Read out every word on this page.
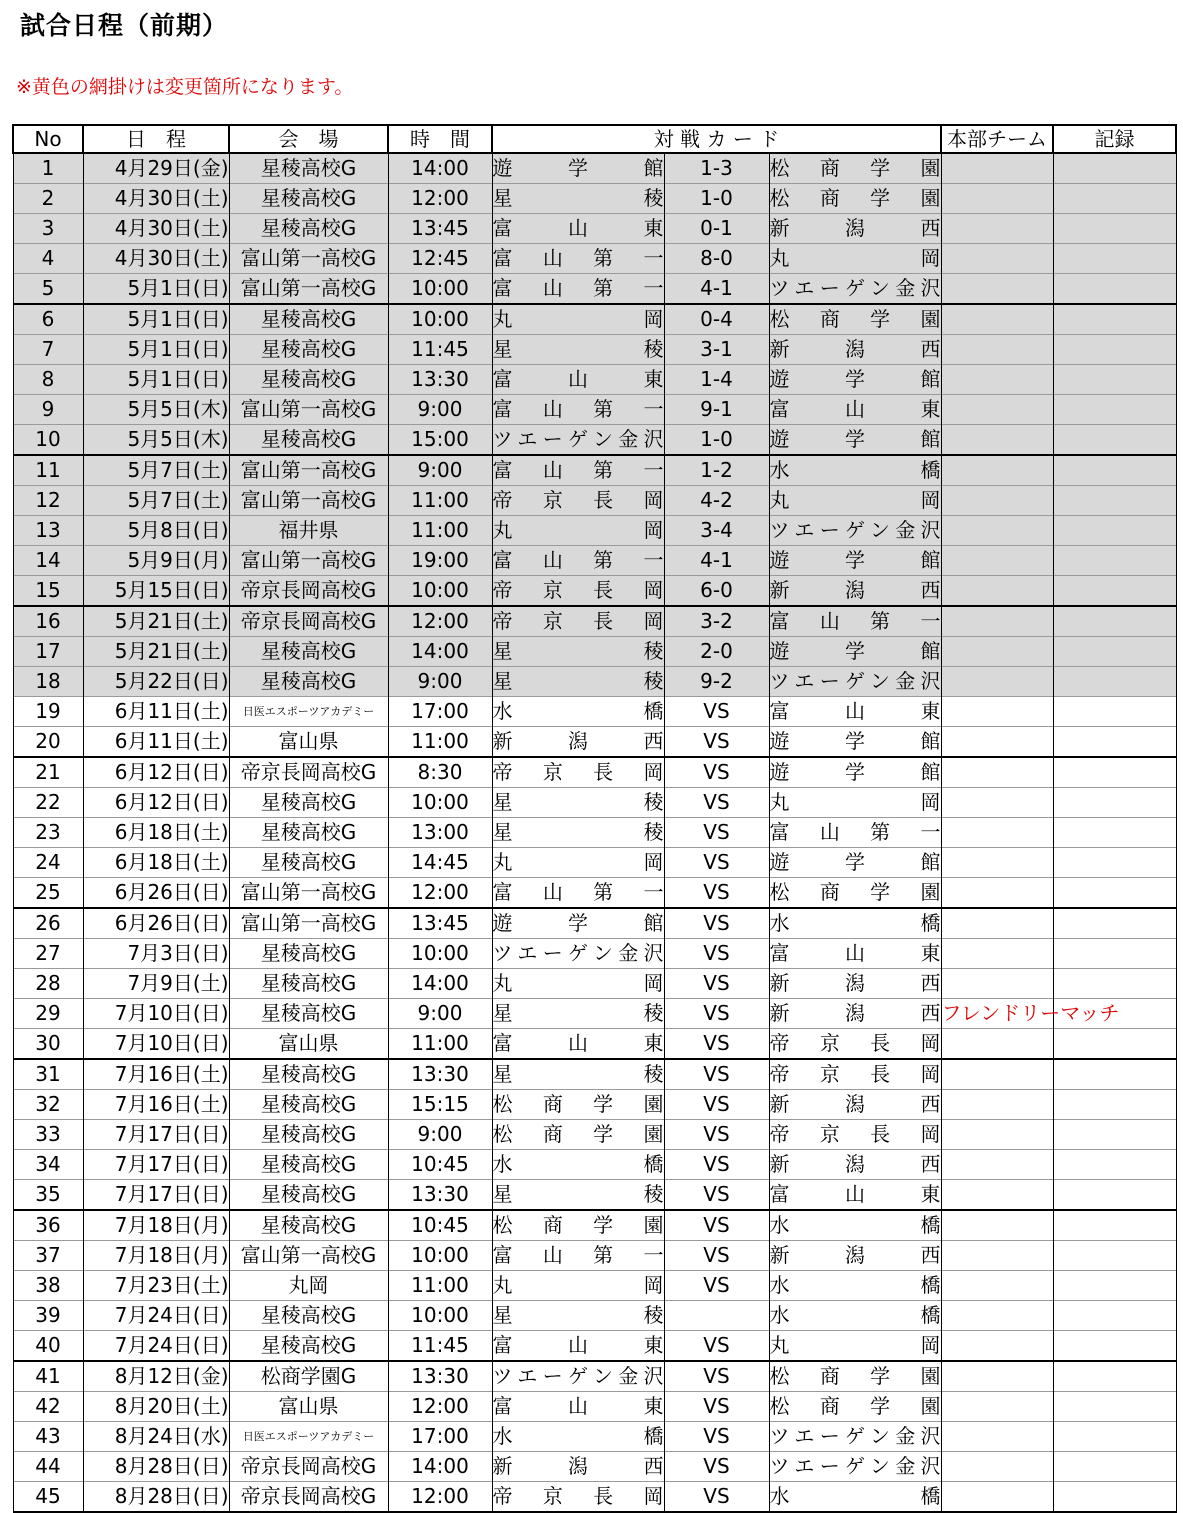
試合日程（前期）
※黄色の網掛けは変更箇所になります。
No	日　程	会　場	時　間	対 戦 カ ー ド			本部チーム	記録
1	4月29日(金)	星稜高校G	14:00	遊学館	1-3	松商学園		

2	4月30日(土)	星稜高校G	12:00	星稜	1-0	松商学園		

3	4月30日(土)	星稜高校G	13:45	富山東	0-1	新潟西		

4	4月30日(土)	富山第一高校G	12:45	富山第一	8-0	丸岡		

5	5月1日(日)	富山第一高校G	10:00	富山第一	4-1	ツエーゲン金沢		

6	5月1日(日)	星稜高校G	10:00	丸岡	0-4	松商学園		

7	5月1日(日)	星稜高校G	11:45	星稜	3-1	新潟西		

8	5月1日(日)	星稜高校G	13:30	富山東	1-4	遊学館		

9	5月5日(木)	富山第一高校G	9:00	富山第一	9-1	富山東		

10	5月5日(木)	星稜高校G	15:00	ツエーゲン金沢	1-0	遊学館		

11	5月7日(土)	富山第一高校G	9:00	富山第一	1-2	水橋		

12	5月7日(土)	富山第一高校G	11:00	帝京長岡	4-2	丸岡		

13	5月8日(日)	福井県	11:00	丸岡	3-4	ツエーゲン金沢		

14	5月9日(月)	富山第一高校G	19:00	富山第一	4-1	遊学館		

15	5月15日(日)	帝京長岡高校G	10:00	帝京長岡	6-0	新潟西		

16	5月21日(土)	帝京長岡高校G	12:00	帝京長岡	3-2	富山第一		

17	5月21日(土)	星稜高校G	14:00	星稜	2-0	遊学館		

18	5月22日(日)	星稜高校G	9:00	星稜	9-2	ツエーゲン金沢		

19	6月11日(土)	日医エスポーツアカデミー	17:00	水橋	VS	富山東		

20	6月11日(土)	富山県	11:00	新潟西	VS	遊学館		

21	6月12日(日)	帝京長岡高校G	8:30	帝京長岡	VS	遊学館		

22	6月12日(日)	星稜高校G	10:00	星稜	VS	丸岡		

23	6月18日(土)	星稜高校G	13:00	星稜	VS	富山第一		

24	6月18日(土)	星稜高校G	14:45	丸岡	VS	遊学館		

25	6月26日(日)	富山第一高校G	12:00	富山第一	VS	松商学園		

26	6月26日(日)	富山第一高校G	13:45	遊学館	VS	水橋		

27	7月3日(日)	星稜高校G	10:00	ツエーゲン金沢	VS	富山東		

28	7月9日(土)	星稜高校G	14:00	丸岡	VS	新潟西		

29	7月10日(日)	星稜高校G	9:00	星稜	VS	新潟西	フレンドリーマッチ	
30	7月10日(日)	富山県	11:00	富山東	VS	帝京長岡		

31	7月16日(土)	星稜高校G	13:30	星稜	VS	帝京長岡		

32	7月16日(土)	星稜高校G	15:15	松商学園	VS	新潟西		

33	7月17日(日)	星稜高校G	9:00	松商学園	VS	帝京長岡		

34	7月17日(日)	星稜高校G	10:45	水橋	VS	新潟西		

35	7月17日(日)	星稜高校G	13:30	星稜	VS	富山東		

36	7月18日(月)	星稜高校G	10:45	松商学園	VS	水橋		

37	7月18日(月)	富山第一高校G	10:00	富山第一	VS	新潟西		

38	7月23日(土)	丸岡	11:00	丸岡	VS	水橋		

39	7月24日(日)	星稜高校G	10:00	星稜		水橋		

40	7月24日(日)	星稜高校G	11:45	富山東	VS	丸岡		

41	8月12日(金)	松商学園G	13:30	ツエーゲン金沢	VS	松商学園		

42	8月20日(土)	富山県	12:00	富山東	VS	松商学園		

43	8月24日(水)	日医エスポーツアカデミー	17:00	水橋	VS	ツエーゲン金沢		

44	8月28日(日)	帝京長岡高校G	14:00	新潟西	VS	ツエーゲン金沢		

45	8月28日(日)	帝京長岡高校G	12:00	帝京長岡	VS	水橋		
